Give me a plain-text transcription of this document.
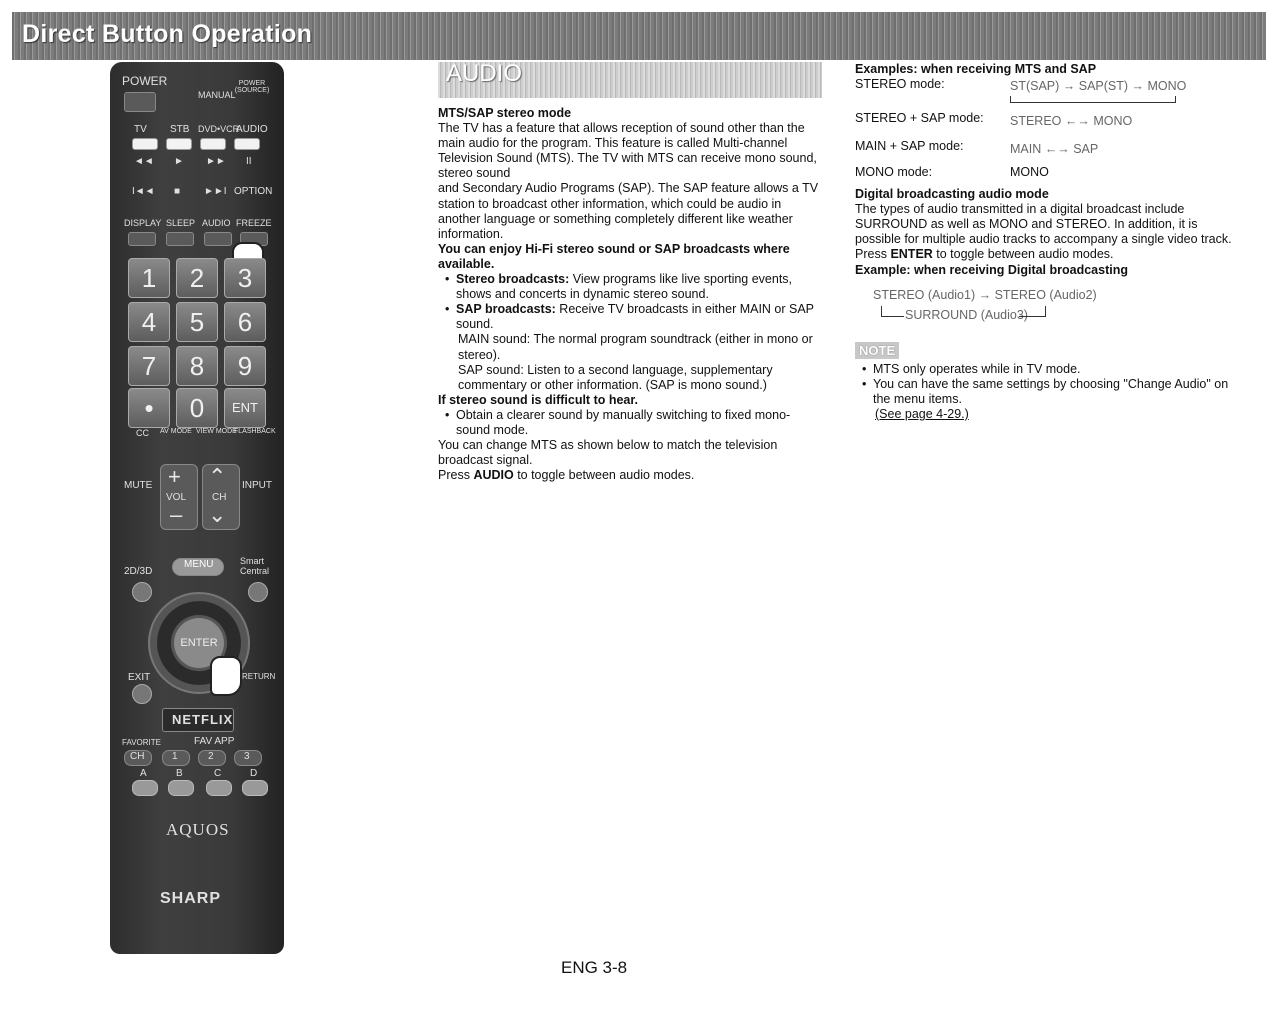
Direct Button Operation
POWER
MANUAL
POWER (SOURCE)
TV STB DVD•VCR
AUDIO
◄◄ ► ►► II
I◄◄ ■ ►►I OPTION
DISPLAY SLEEP AUDIO FREEZE
1	2	3
4	5	6
7	8	9
•	0	ENT
CC AV MODE VIEW MODE
FLASHBACK
MUTE +
VOL
–
⌃
CH
⌄
INPUT
2D/3D
MENU	Smart Central
ENTER
EXIT	RETURN
NETFLIX
FAVORITE	FAV APP
CH	1	2	3
A	B	C	D
AQUOS
SHARP
AUDIO

MTS/SAP stereo mode

The TV has a feature that allows reception of sound other than the main audio for the program. This feature is called Multi-channel Television Sound (MTS). The TV with MTS can receive mono sound, stereo sound

and Secondary Audio Programs (SAP). The SAP feature allows a TV station to broadcast other information, which could be audio in another language or something completely different like weather information.

You can enjoy Hi-Fi stereo sound or SAP broadcasts where available.

• Stereo broadcasts: View programs like live sporting events, shows and concerts in dynamic stereo sound.
• SAP broadcasts: Receive TV broadcasts in either MAIN or SAP sound.

MAIN sound: The normal program soundtrack (either in mono or stereo).

SAP sound: Listen to a second language, supplementary commentary or other information. (SAP is mono sound.)

If stereo sound is difficult to hear.

• Obtain a clearer sound by manually switching to fixed mono-sound mode.

You can change MTS as shown below to match the television broadcast signal.

Press AUDIO to toggle between audio modes.

Examples: when receiving MTS and SAP

STEREO mode:	ST(SAP) → SAP(ST) → MONO
STEREO + SAP mode: STEREO ←→ MONO
MAIN + SAP mode:	MAIN ←→ SAP
MONO mode:	MONO

Digital broadcasting audio mode

The types of audio transmitted in a digital broadcast include SURROUND as well as MONO and STEREO. In addition, it is possible for multiple audio tracks to accompany a single video track.

Press ENTER to toggle between audio modes.

Example: when receiving Digital broadcasting

STEREO (Audio1) → STEREO (Audio2)
SURROUND (Audio3)
NOTE
• MTS only operates while in TV mode.
• You can have the same settings by choosing "Change Audio" on the menu items.

(See page 4-29.)

ENG 3-8
